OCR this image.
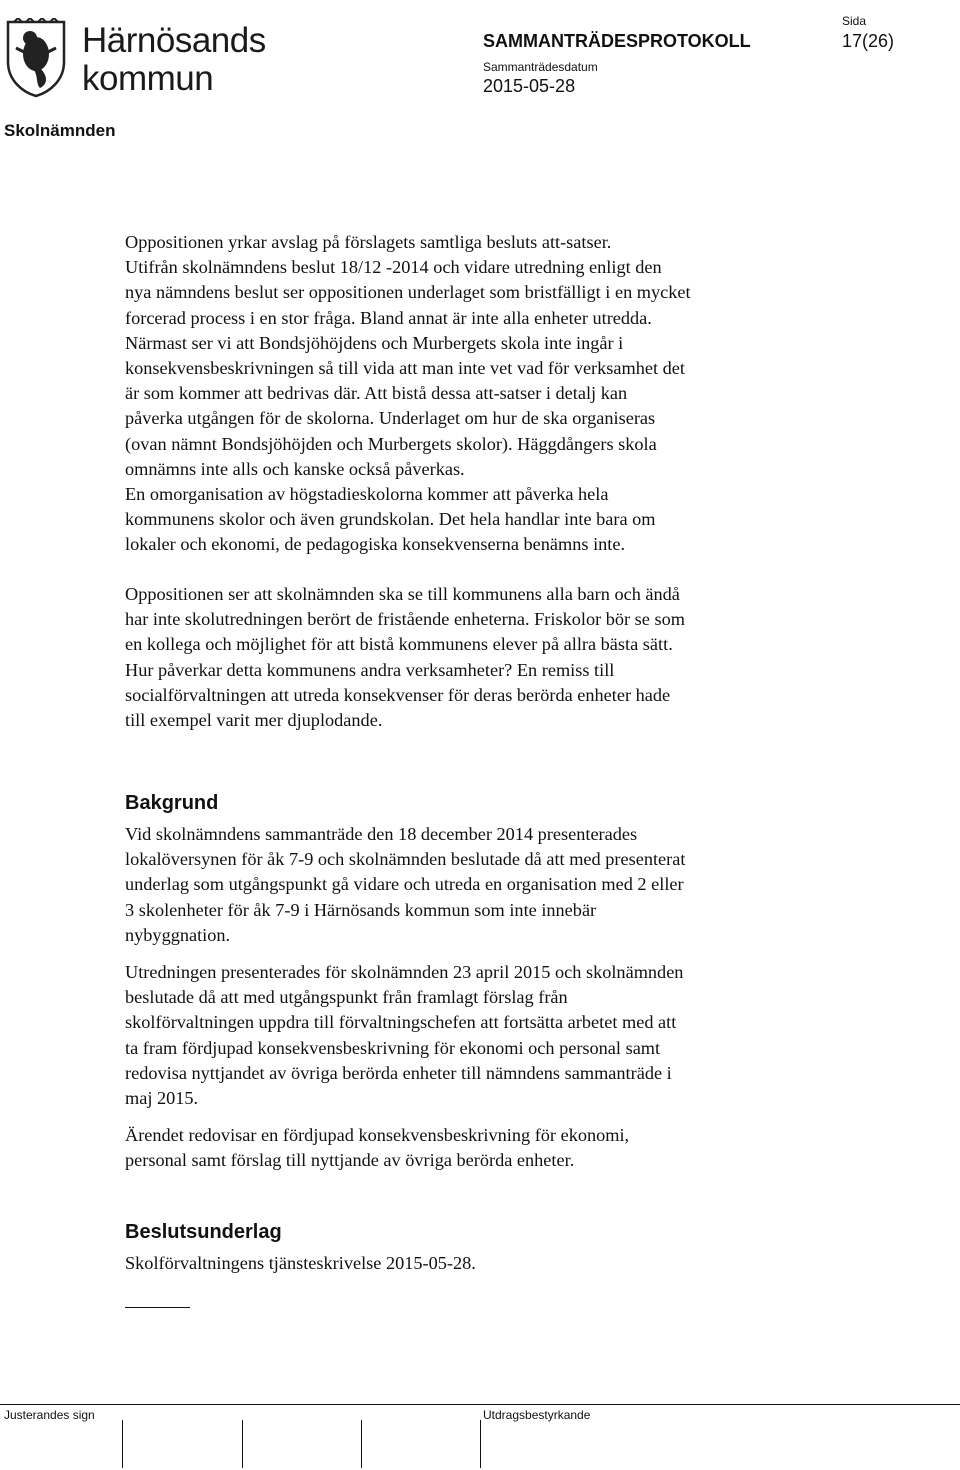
Härnösands
kommun
SAMMANTRÄDESPROTOKOLL
Sammanträdesdatum
2015-05-28
Sida
17(26)
Skolnämnden
Oppositionen yrkar avslag på förslagets samtliga besluts att-satser.
Utifrån skolnämndens beslut 18/12 -2014 och vidare utredning enligt den
nya nämndens beslut ser oppositionen underlaget som bristfälligt i en mycket
forcerad process i en stor fråga. Bland annat är inte alla enheter utredda.
Närmast ser vi att Bondsjöhöjdens och Murbergets skola inte ingår i
konsekvensbeskrivningen så till vida att man inte vet vad för verksamhet det
är som kommer att bedrivas där. Att bistå dessa att-satser i detalj kan
påverka utgången för de skolorna. Underlaget om hur de ska organiseras
(ovan nämnt Bondsjöhöjden och Murbergets skolor). Häggdångers skola
omnämns inte alls och kanske också påverkas.
En omorganisation av högstadieskolorna kommer att påverka hela
kommunens skolor och även grundskolan. Det hela handlar inte bara om
lokaler och ekonomi, de pedagogiska konsekvenserna benämns inte.
Oppositionen ser att skolnämnden ska se till kommunens alla barn och ändå
har inte skolutredningen berört de fristående enheterna. Friskolor bör se som
en kollega och möjlighet för att bistå kommunens elever på allra bästa sätt.
Hur påverkar detta kommunens andra verksamheter? En remiss till
socialförvaltningen att utreda konsekvenser för deras berörda enheter hade
till exempel varit mer djuplodande.
Bakgrund
Vid skolnämndens sammanträde den 18 december 2014 presenterades
lokalöversynen för åk 7-9 och skolnämnden beslutade då att med presenterat
underlag som utgångspunkt gå vidare och utreda en organisation med 2 eller
3 skolenheter för åk 7-9 i Härnösands kommun som inte innebär
nybyggnation.
Utredningen presenterades för skolnämnden 23 april 2015 och skolnämnden
beslutade då att med utgångspunkt från framlagt förslag från
skolförvaltningen uppdra till förvaltningschefen att fortsätta arbetet med att
ta fram fördjupad konsekvensbeskrivning för ekonomi och personal samt
redovisa nyttjandet av övriga berörda enheter till nämndens sammanträde i
maj 2015.
Ärendet redovisar en fördjupad konsekvensbeskrivning för ekonomi,
personal samt förslag till nyttjande av övriga berörda enheter.
Beslutsunderlag
Skolförvaltningens tjänsteskrivelse 2015-05-28.
Justerandes sign	Utdragsbestyrkande
